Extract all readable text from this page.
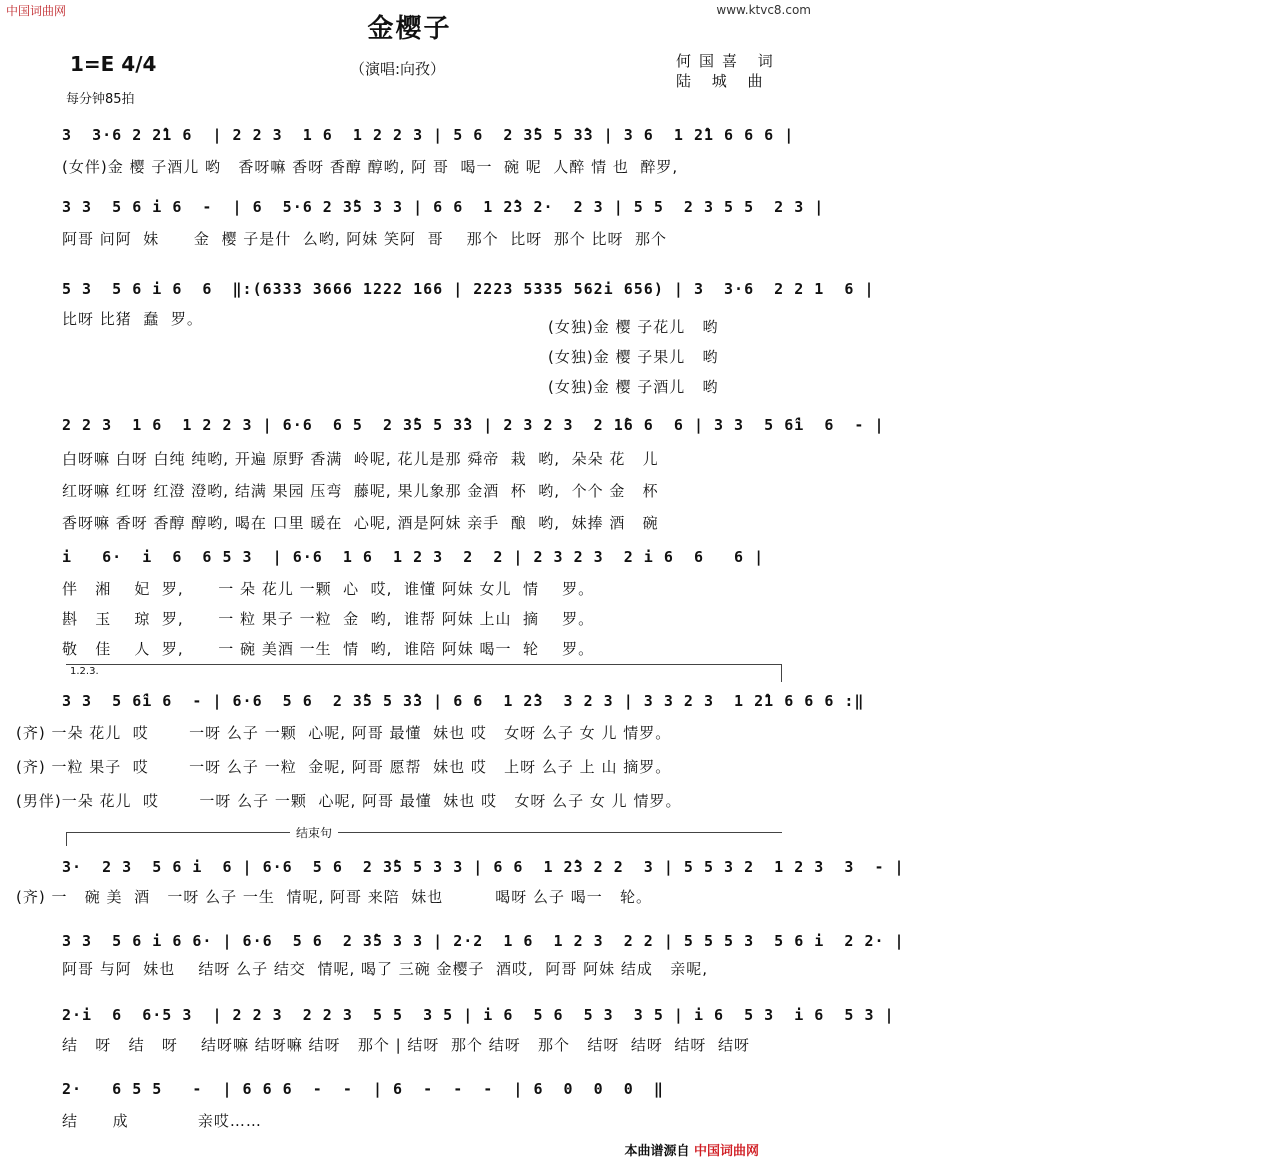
中国词曲网	www.ktvc8.com
金樱子
1=E 4/4
每分钟85拍
（演唱:向孜）	何国喜 词
陆 城 曲
3  3·6 2 2̂1 6  | 2 2 3  1 6  1 2 2 3 | 5 6  2 3̂5 5 3̂3 | 3 6  1 2̂1 6 6 6 |
(女伴)金 樱 子酒儿 哟   香呀嘛 香呀 香醇 醇哟, 阿 哥  喝一  碗 呢  人醉 情 也  醉罗,
3 3  5 6 i 6  -  | 6  5·6 2 3̂5 3 3 | 6 6  1 2̂3 2·  2 3 | 5 5  2 3 5 5  2 3 |
阿哥 问阿  妹      金  樱 子是什  么哟, 阿妹 笑阿  哥    那个  比呀  那个 比呀  那个
5 3  5 6 i 6  6  ‖:(6333 3666 1222 166 | 2223 5335 562i 656) | 3  3·6  2 2 1  6 |
比呀 比猪  蠢  罗。	(女独)金 樱 子花儿   哟
(女独)金 樱 子果儿   哟
(女独)金 樱 子酒儿   哟
2 2 3  1 6  1 2 2 3 | 6·6  6 5  2 3̂5 5 3̂3 | 2 3 2 3  2 1̂6 6  6 | 3 3  5 6̂i  6  - |
白呀嘛 白呀 白纯 纯哟, 开遍 原野 香满  岭呢, 花儿是那 舜帝  栽  哟,  朵朵 花   儿
红呀嘛 红呀 红澄 澄哟, 结满 果园 压弯  藤呢, 果儿象那 金酒  杯  哟,  个个 金   杯
香呀嘛 香呀 香醇 醇哟, 喝在 口里 暖在  心呢, 酒是阿妹 亲手  酿  哟,  妹捧 酒   碗
i   6·  i  6  6 5 3  | 6·6  1 6  1 2 3  2  2 | 2 3 2 3  2 i 6  6   6 |
伴   湘    妃  罗,      一 朵 花儿 一颗  心  哎,  谁懂 阿妹 女儿  情    罗。
斟   玉    琼  罗,      一 粒 果子 一粒  金  哟,  谁帮 阿妹 上山  摘    罗。
敬   佳    人  罗,      一 碗 美酒 一生  情  哟,  谁陪 阿妹 喝一  轮    罗。
1.2.3.
3 3  5 6̂i 6  - | 6·6  5 6  2 3̂5 5 3̂3 | 6 6  1 2̂3  3 2 3 | 3 3 2 3  1 2̂1 6 6 6 :‖
(齐) 一朵 花儿  哎       一呀 么子 一颗  心呢, 阿哥 最懂  妹也 哎   女呀 么子 女 儿 情罗。
(齐) 一粒 果子  哎       一呀 么子 一粒  金呢, 阿哥 愿帮  妹也 哎   上呀 么子 上 山 摘罗。
(男伴)一朵 花儿  哎       一呀 么子 一颗  心呢, 阿哥 最懂  妹也 哎   女呀 么子 女 儿 情罗。
结束句
3·  2 3  5 6 i  6 | 6·6  5 6  2 3̂5 5 3 3 | 6 6  1 2̂3 2 2  3 | 5 5 3 2  1 2 3  3  - |
(齐) 一   碗 美  酒   一呀 么子 一生  情呢, 阿哥 来陪  妹也         喝呀 么子 喝一   轮。
3 3  5 6 i 6 6· | 6·6  5 6  2 3̂5 3 3 | 2·2  1 6  1 2 3  2 2 | 5 5 5 3  5 6 i  2 2· |
阿哥 与阿  妹也    结呀 么子 结交  情呢, 喝了 三碗 金樱子  酒哎,  阿哥 阿妹 结成   亲呢,
2·i  6  6·5 3  | 2 2 3  2 2 3  5 5  3 5 | i 6  5 6  5 3  3 5 | i 6  5 3  i 6  5 3 |
结   呀   结   呀    结呀嘛 结呀嘛 结呀   那个 | 结呀  那个 结呀   那个   结呀  结呀  结呀  结呀
2·   6 5 5   -  | 6 6 6  -  -  | 6  -  -  -  | 6  0  0  0  ‖
结      成            亲哎……
本曲谱源自 中国词曲网
